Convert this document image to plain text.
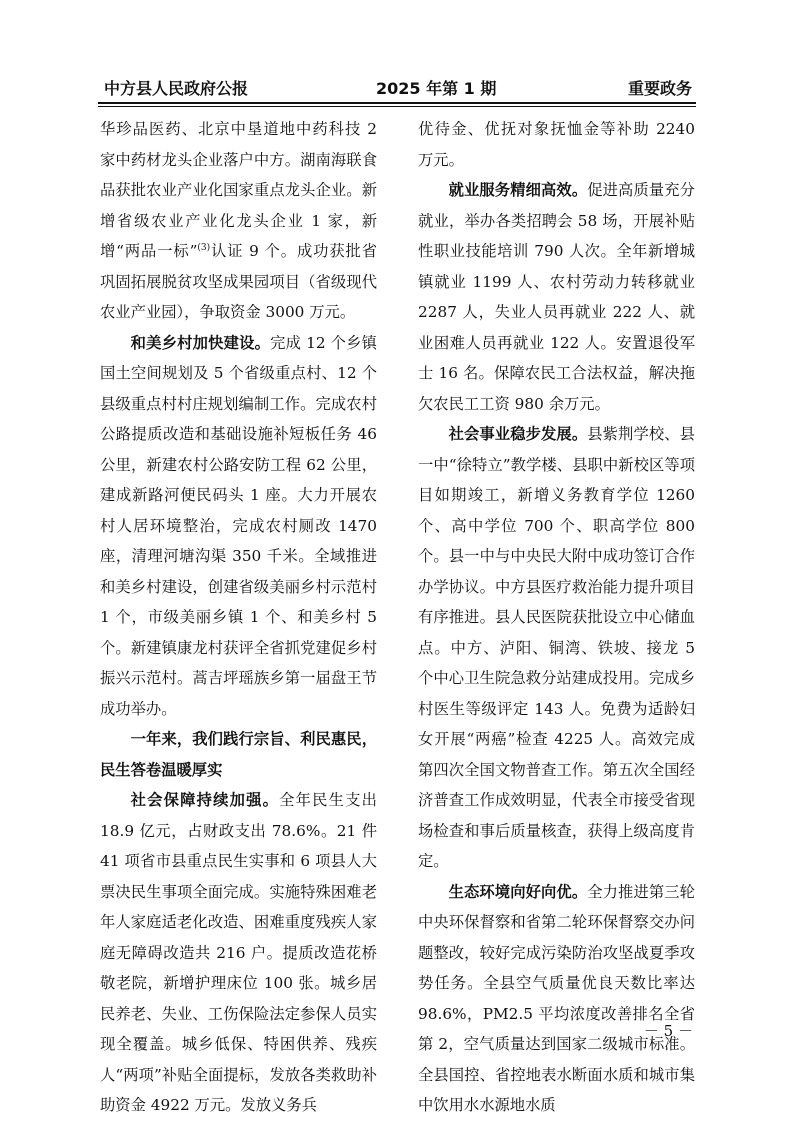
中方县人民政府公报	2025 年第 1 期	重要政务

华珍品医药、北京中垦道地中药科技 2 家中药材龙头企业落户中方。湖南海联食品获批农业产业化国家重点龙头企业。新增省级农业产业化龙头企业 1 家，新增“两品一标”$^{(3)}$认证 9 个。成功获批省巩固拓展脱贫攻坚成果园项目（省级现代农业产业园），争取资金 3000 万元。

和美乡村加快建设。完成 12 个乡镇国土空间规划及 5 个省级重点村、12 个县级重点村村庄规划编制工作。完成农村公路提质改造和基础设施补短板任务 46 公里，新建农村公路安防工程 62 公里，建成新路河便民码头 1 座。大力开展农村人居环境整治，完成农村厕改 1470 座，清理河塘沟渠 350 千米。全域推进和美乡村建设，创建省级美丽乡村示范村 1 个，市级美丽乡镇 1 个、和美乡村 5 个。新建镇康龙村获评全省抓党建促乡村振兴示范村。蒿吉坪瑶族乡第一届盘王节成功举办。

一年来，我们践行宗旨、利民惠民，民生答卷温暖厚实

社会保障持续加强。全年民生支出 18.9 亿元，占财政支出 78.6%。21 件 41 项省市县重点民生实事和 6 项县人大票决民生事项全面完成。实施特殊困难老年人家庭适老化改造、困难重度残疾人家庭无障碍改造共 216 户。提质改造花桥敬老院，新增护理床位 100 张。城乡居民养老、失业、工伤保险法定参保人员实现全覆盖。城乡低保、特困供养、残疾人“两项”补贴全面提标，发放各类救助补助资金 4922 万元。发放义务兵

优待金、优抚对象抚恤金等补助 2240 万元。

就业服务精细高效。促进高质量充分就业，举办各类招聘会 58 场，开展补贴性职业技能培训 790 人次。全年新增城镇就业 1199 人、农村劳动力转移就业 2287 人，失业人员再就业 222 人、就业困难人员再就业 122 人。安置退役军士 16 名。保障农民工合法权益，解决拖欠农民工工资 980 余万元。

社会事业稳步发展。县紫荆学校、县一中“徐特立”教学楼、县职中新校区等项目如期竣工，新增义务教育学位 1260 个、高中学位 700 个、职高学位 800 个。县一中与中央民大附中成功签订合作办学协议。中方县医疗救治能力提升项目有序推进。县人民医院获批设立中心储血点。中方、泸阳、铜湾、铁坡、接龙 5 个中心卫生院急救分站建成投用。完成乡村医生等级评定 143 人。免费为适龄妇女开展“两癌”检查 4225 人。高效完成第四次全国文物普查工作。第五次全国经济普查工作成效明显，代表全市接受省现场检查和事后质量核查，获得上级高度肯定。

生态环境向好向优。全力推进第三轮中央环保督察和省第二轮环保督察交办问题整改，较好完成污染防治攻坚战夏季攻势任务。全县空气质量优良天数比率达 98.6%，PM2.5 平均浓度改善排名全省第 2，空气质量达到国家二级城市标准。全县国控、省控地表水断面水质和城市集中饮用水水源地水质

－ 5 －
